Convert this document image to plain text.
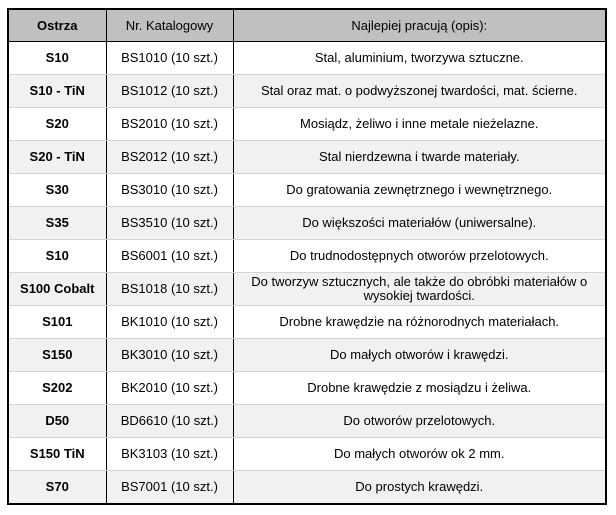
Ostrza	Nr. Katalogowy	Najlepiej pracują (opis):
S10	BS1010 (10 szt.)	Stal, aluminium, tworzywa sztuczne.
S10 - TiN	BS1012 (10 szt.)	Stal oraz mat. o podwyższonej twardości, mat. ścierne.
S20	BS2010 (10 szt.)	Mosiądz, żeliwo i inne metale nieżelazne.
S20 - TiN	BS2012 (10 szt.)	Stal nierdzewna i twarde materiały.
S30	BS3010 (10 szt.)	Do gratowania zewnętrznego i wewnętrznego.
S35	BS3510 (10 szt.)	Do większości materiałów (uniwersalne).
S10	BS6001 (10 szt.)	Do trudnodostępnych otworów przelotowych.
S100 Cobalt	BS1018 (10 szt.)	Do tworzyw sztucznych, ale także do obróbki materiałów o wysokiej twardości.
S101	BK1010 (10 szt.)	Drobne krawędzie na różnorodnych materiałach.
S150	BK3010 (10 szt.)	Do małych otworów i krawędzi.
S202	BK2010 (10 szt.)	Drobne krawędzie z mosiądzu i żeliwa.
D50	BD6610 (10 szt.)	Do otworów przelotowych.
S150 TiN	BK3103 (10 szt.)	Do małych otworów ok 2 mm.
S70	BS7001 (10 szt.)	Do prostych krawędzi.
